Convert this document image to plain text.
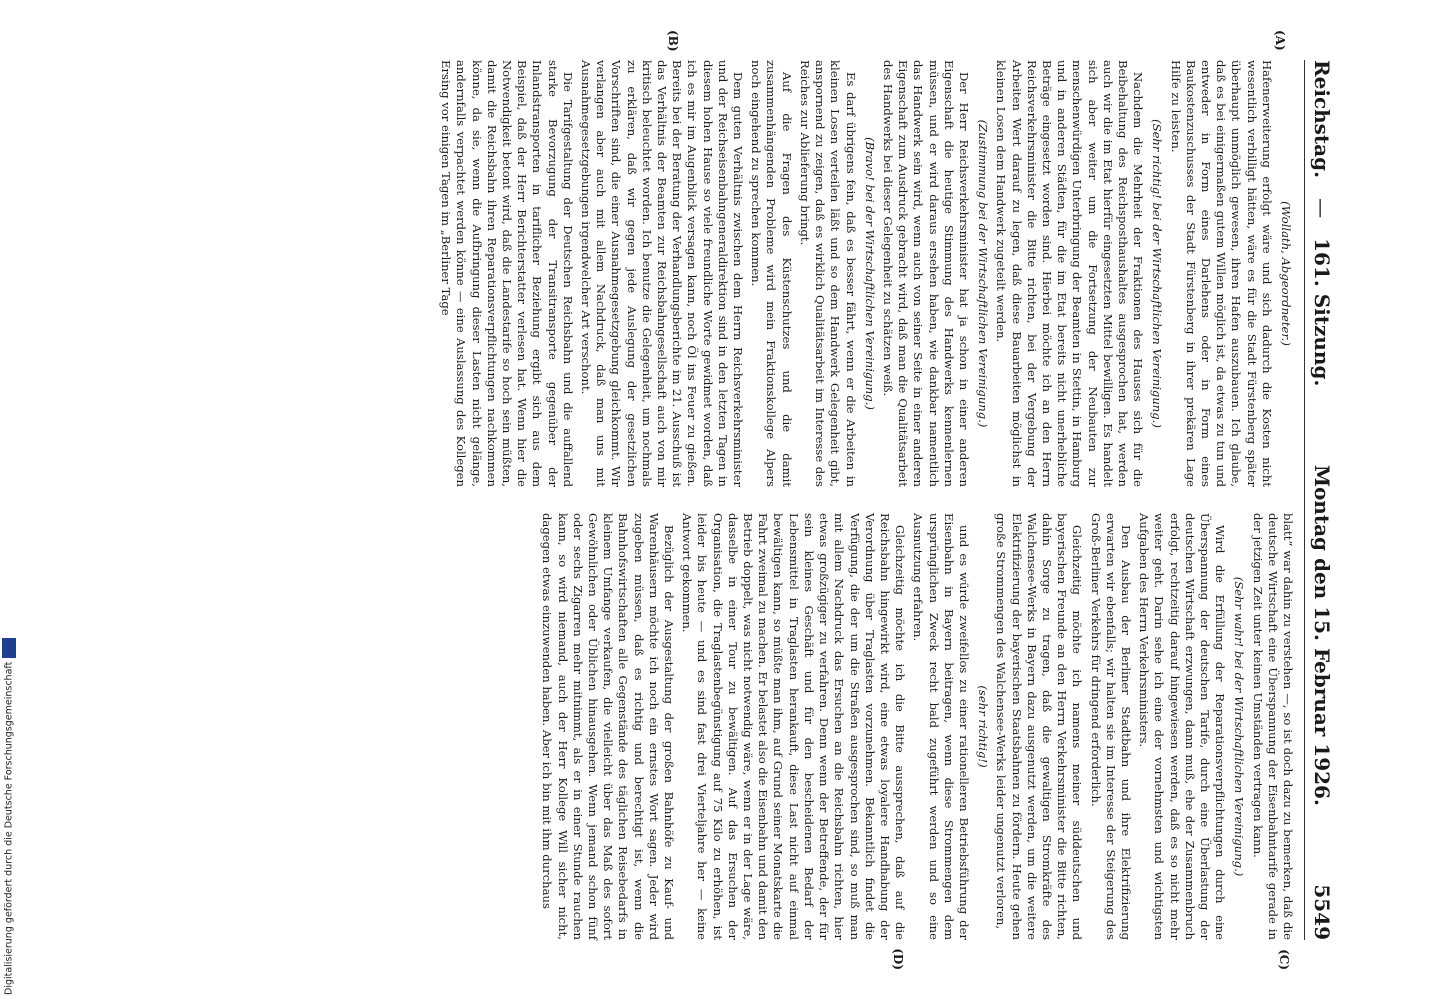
Reichstag.
—
161. Sitzung.
Montag den 15. Februar 1926.
5549
(A)
(B)

(Wollath, Abgeordneter.)

Hafenerweiterung erfolgt wäre und sich dadurch die Kosten nicht wesentlich verbilligt hätten, wäre es für die Stadt Fürstenberg später überhaupt unmöglich gewesen, ihren Hafen auszubauen. Ich glaube, daß es bei einigermaßen gutem Willen möglich ist, da etwas zu tun und entweder in Form eines Darlehens oder in Form eines Baukostenzuschusses der Stadt Fürstenberg in ihrer prekären Lage Hilfe zu leisten.

(Sehr richtig! bei der Wirtschaftlichen Vereinigung.)

Nachdem die Mehrheit der Fraktionen des Hauses sich für die Beibehaltung des Reichsposthaushaltes ausgesprochen hat, werden auch wir die im Etat hierfür eingesetzten Mittel bewilligen. Es handelt sich aber weiter um die Fortsetzung der Neubauten zur menschenwürdigen Unterbringung der Beamten in Stettin, in Hamburg und in anderen Städten, für die im Etat bereits nicht unerhebliche Beträge eingesetzt worden sind. Hierbei möchte ich an den Herrn Reichsverkehrsminister die Bitte richten, bei der Vergebung der Arbeiten Wert darauf zu legen, daß diese Bauarbeiten möglichst in kleinen Losen dem Handwerk zugeteilt werden.

(Zustimmung bei der Wirtschaftlichen Vereinigung.)

Der Herr Reichsverkehrsminister hat ja schon in einer anderen Eigenschaft die heutige Stimmung des Handwerks kennenlernen müssen, und er wird daraus ersehen haben, wie dankbar namentlich das Handwerk sein wird, wenn auch von seiner Seite in einer anderen Eigenschaft zum Ausdruck gebracht wird, daß man die Qualitätsarbeit des Handwerks bei dieser Gelegenheit zu schätzen weiß.

(Bravo! bei der Wirtschaftlichen Vereinigung.)

Es darf übrigens fein, daß es besser fährt, wenn er die Arbeiten in kleinen Losen verteilen läßt und so dem Handwerk Gelegenheit gibt, anspornend zu zeigen, daß es wirklich Qualitätsarbeit im Interesse des Reiches zur Ablieferung bringt.

Auf die Fragen des Küstenschutzes und die damit zusammenhängenden Probleme wird mein Fraktionskollege Alpers noch eingehend zu sprechen kommen.

Dem guten Verhältnis zwischen dem Herrn Reichsverkehrsminister und der Reichseisenbahngeneraldirektion sind in den letzten Tagen in diesem hohen Hause so viele freundliche Worte gewidmet worden, daß ich es mir im Augenblick versagen kann, noch Öl ins Feuer zu gießen. Bereits bei der Beratung der Verhandlungsberichte im 21. Ausschuß ist das Verhältnis der Beamten zur Reichsbahngesellschaft auch von mir kritisch beleuchtet worden. Ich benutze die Gelegenheit, um nochmals zu erklären, daß wir gegen jede Auslegung der gesetzlichen Vorschriften sind, die einer Ausnahmegesetzgebung gleichkommt. Wir verlangen aber auch mit allem Nachdruck, daß man uns mit Ausnahmegesetzgebungen irgendwelcher Art verschont.

Die Tarifgestaltung der Deutschen Reichsbahn und die auffallend starke Bevorzugung der Transitransporte gegenüber der Inlandstransporten in tariflicher Beziehung ergibt sich aus dem Beispiel, daß der Herr Berichterstatter verlesen hat. Wenn hier die Notwendigkeit betont wird, daß die Landestarife so hoch sein müßten, damit die Reichsbahn ihren Reparationsverpflichtungen nachkommen könne, da sie, wenn die Aufbringung dieser Lasten nicht gelänge, andernfalls verpachtet werden könne — eine Auslassung des Kollegen Ersing vor einigen Tagen im „Berliner Tage

(C)
(D)

blatt“ war dahin zu verstehen —, so ist doch dazu zu bemerken, daß die deutsche Wirtschaft eine Überspannung der Eisenbahntarife gerade in der jetzigen Zeit unter keinen Umständen vertragen kann.

(Sehr wahr! bei der Wirtschaftlichen Vereinigung.)

Wird die Erfüllung der Reparationsverpflichtungen durch eine Überspannung der deutschen Tarife, durch eine Überlastung der deutschen Wirtschaft erzwungen, dann muß, ehe der Zusammenbruch erfolgt, rechtzeitig darauf hingewiesen werden, daß es so nicht mehr weiter geht. Darin sehe ich eine der vornehmsten und wichtigsten Aufgaben des Herrn Verkehrsministers.

Den Ausbau der Berliner Stadtbahn und ihre Elektrifizierung erwarten wir ebenfalls; wir halten sie im Interesse der Steigerung des Groß-Berliner Verkehrs für dringend erforderlich.

Gleichzeitig möchte ich namens meiner süddeutschen und bayerischen Freunde an den Herrn Verkehrsminister die Bitte richten, dahin Sorge zu tragen, daß die gewaltigen Stromkräfte des Walchensee-Werks in Bayern dazu ausgenutzt werden, um die weitere Elektrifizierung der bayerischen Staatsbahnen zu fördern. Heute gehen große Strommengen des Walchensee-Werks leider ungenutzt verloren,

(sehr richtig!)

und es würde zweifellos zu einer rationelleren Betriebsführung der Eisenbahn in Bayern beitragen, wenn diese Strommengen dem ursprünglichen Zweck recht bald zugeführt werden und so eine Ausnutzung erfahren.

Gleichzeitig möchte ich die Bitte aussprechen, daß auf die Reichsbahn hingewirkt wird, eine etwas loyalere Handhabung der Verordnung über Traglasten vorzunehmen. Bekanntlich findet die Verfügung, die der um die Straßen ausgesprochen sind, so muß man mit allem Nachdruck das Ersuchen an die Reichsbahn richten, hier etwas großzügiger zu verfahren. Denn wenn der Betreffende, der für sein kleines Geschäft und für den bescheidenen Bedarf der Lebensmittel in Traglasten herankauft, diese Last nicht auf einmal bewältigen kann, so müßte man ihm, auf Grund seiner Monatskarte die Fahrt zweimal zu machen. Er belastet also die Eisenbahn und damit den Betrieb doppelt, was nicht notwendig wäre, wenn er in der Lage wäre, dasselbe in einer Tour zu bewältigen. Auf das Ersuchen der Organisation, die Traglastenbegünstigung auf 75 Kilo zu erhöhen, ist leider bis heute — und es sind fast drei Vierteljahre her — keine Antwort gekommen.

Bezüglich der Ausgestaltung der großen Bahnhöfe zu Kauf- und Warenhäusern möchte ich noch ein ernstes Wort sagen. Jeder wird zugeben müssen, daß es richtig und berechtigt ist, wenn die Bahnhofswirtschaften alle Gegenstände des täglichen Reisebedarfs in kleinem Umfange verkaufen, die vielleicht über das Maß des sofort Gewöhnlichen oder Üblichen hinausgehen. Wenn jemand schon fünf oder sechs Zigarren mehr mitnimmt, als er in einer Stunde rauchen kann, so wird niemand, auch der Herr Kollege Will sicher nicht, dagegen etwas einzuwenden haben. Aber ich bin mit ihm durchaus

Digitalisierung gefördert durch die Deutsche Forschungsgemeinschaft
